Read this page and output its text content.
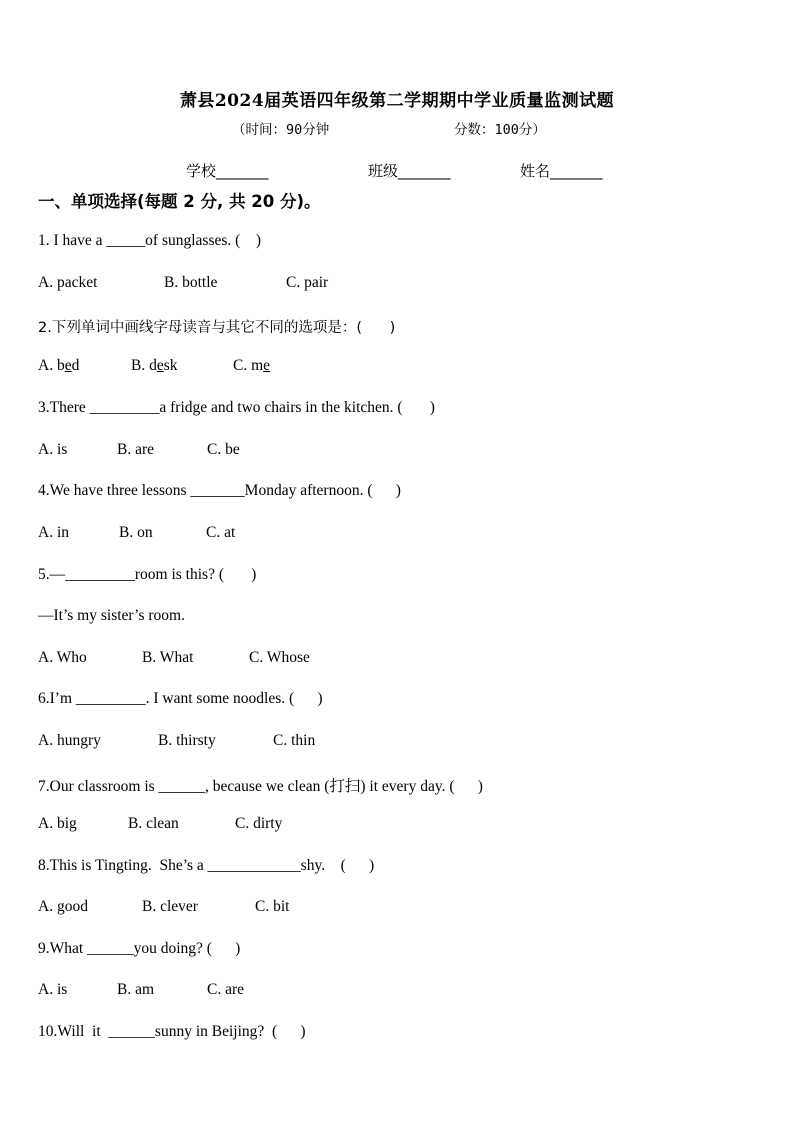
萧县2024届英语四年级第二学期期中学业质量监测试题
（时间：90分钟	分数：100分）
学校_______	班级_______	姓名_______
一、单项选择(每题 2 分, 共 20 分)。
1. I have a _____of sunglasses. (    )
A. packet	B. bottle	C. pair
2.下列单词中画线字母读音与其它不同的选项是：(      )
A. bed	B. desk	C. me
3.There _________a fridge and two chairs in the kitchen. (       )
A. is	B. are	C. be
4.We have three lessons _______Monday afternoon. (      )
A. in	B. on	C. at
5.—_________room is this? (       )
—It’s my sister’s room.
A. Who	B. What	C. Whose
6.I’m _________. I want some noodles. (      )
A. hungry	B. thirsty	C. thin
7.Our classroom is ______, because we clean (打扫) it every day. (      )
A. big	B. clean	C. dirty
8.This is Tingting.  She’s a ____________shy.    (      )
A. good	B. clever	C. bit
9.What ______you doing? (      )
A. is	B. am	C. are
10.Will  it  ______sunny in Beijing?  (      )
